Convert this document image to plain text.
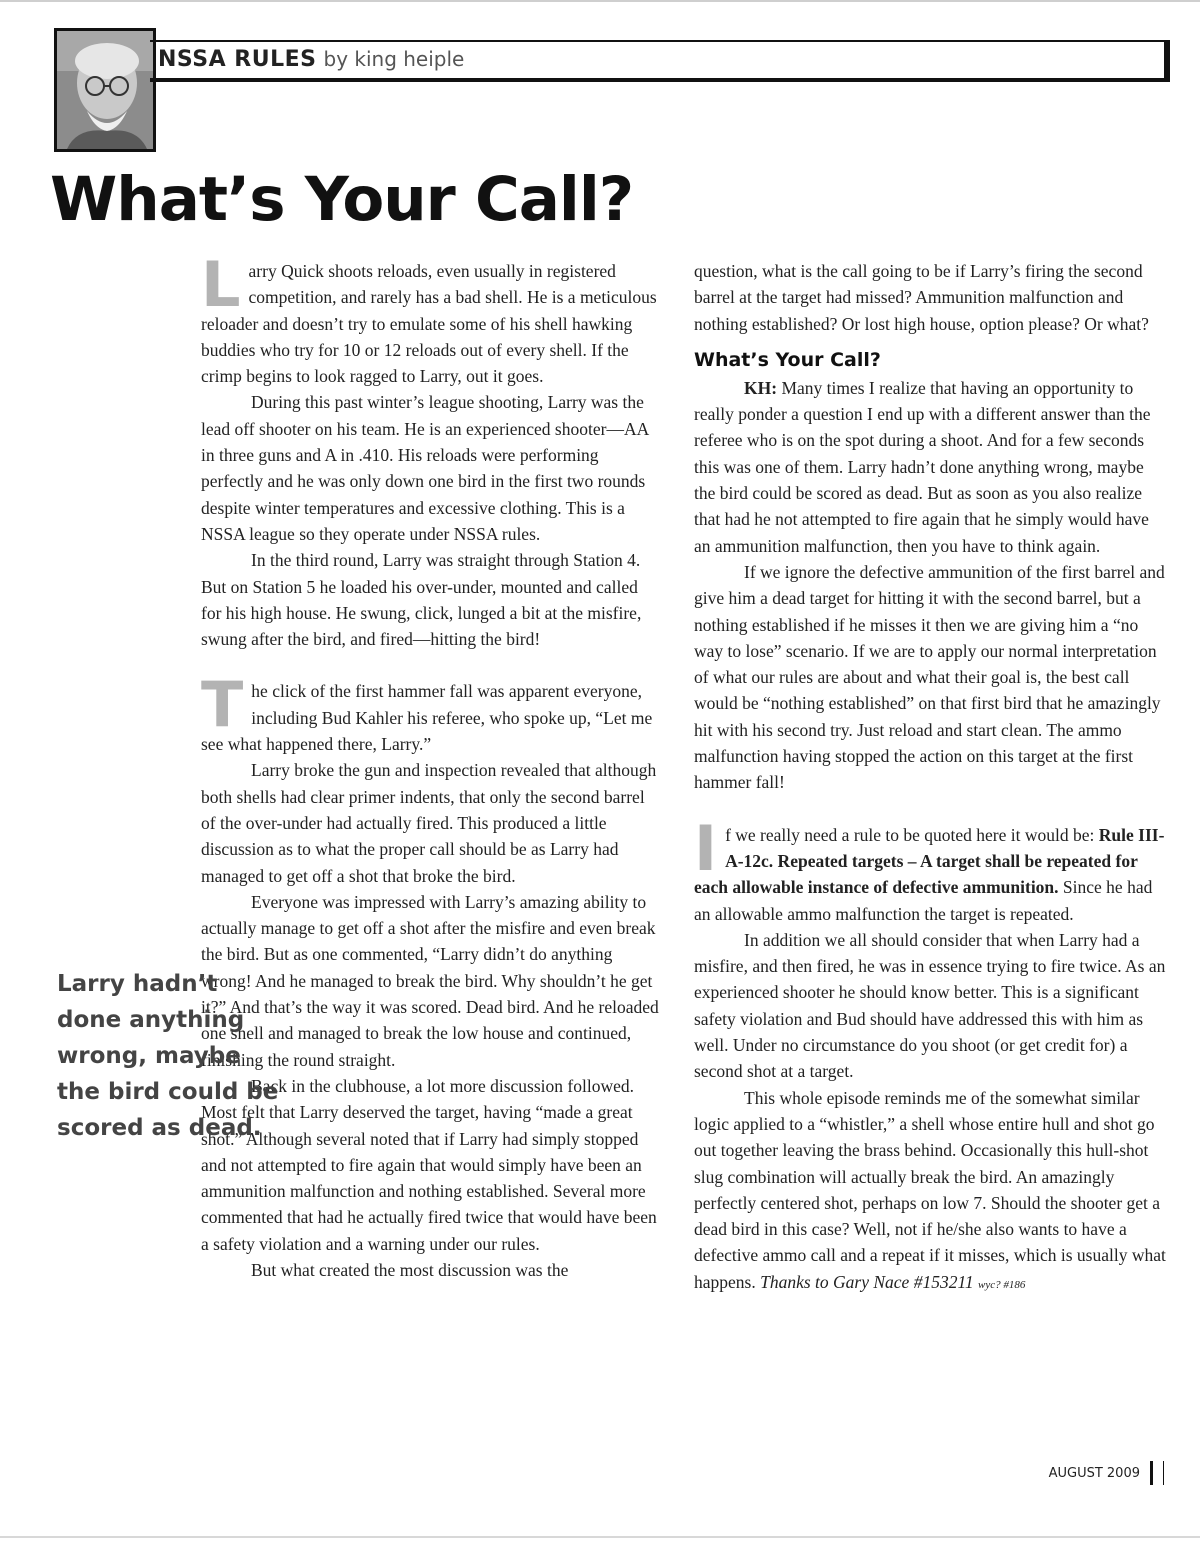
NSSA RULES by king heiple
What’s Your Call?

Larry Quick shoots reloads, even usually in registered competition, and rarely has a bad shell. He is a meticulous reloader and doesn’t try to emulate some of his shell hawking buddies who try for 10 or 12 reloads out of every shell. If the crimp begins to look ragged to Larry, out it goes.

During this past winter’s league shooting, Larry was the lead off shooter on his team. He is an experienced shooter—AA in three guns and A in .410. His reloads were performing perfectly and he was only down one bird in the first two rounds despite winter temperatures and excessive clothing. This is a NSSA league so they operate under NSSA rules.

In the third round, Larry was straight through Station 4. But on Station 5 he loaded his over-under, mounted and called for his high house. He swung, click, lunged a bit at the misfire, swung after the bird, and fired—hitting the bird!

The click of the first hammer fall was apparent everyone, including Bud Kahler his referee, who spoke up, “Let me see what happened there, Larry.”

Larry broke the gun and inspection revealed that although both shells had clear primer indents, that only the second barrel of the over-under had actually fired. This produced a little discussion as to what the proper call should be as Larry had managed to get off a shot that broke the bird.

Everyone was impressed with Larry’s amazing ability to actually manage to get off a shot after the misfire and even break the bird. But as one commented, “Larry didn’t do anything wrong! And he managed to break the bird. Why shouldn’t he get it?” And that’s the way it was scored. Dead bird. And he reloaded one shell and managed to break the low house and continued, finishing the round straight.

Back in the clubhouse, a lot more discussion followed. Most felt that Larry deserved the target, having “made a great shot.” Although several noted that if Larry had simply stopped and not attempted to fire again that would simply have been an ammunition malfunction and nothing established. Several more commented that had he actually fired twice that would have been a safety violation and a warning under our rules.

But what created the most discussion was the

Larry hadn’t done anything wrong, maybe the bird could be scored as dead.

question, what is the call going to be if Larry’s firing the second barrel at the target had missed? Ammunition malfunction and nothing established? Or lost high house, option please? Or what?

What’s Your Call?

KH: Many times I realize that having an opportunity to really ponder a question I end up with a different answer than the referee who is on the spot during a shoot. And for a few seconds this was one of them. Larry hadn’t done anything wrong, maybe the bird could be scored as dead. But as soon as you also realize that had he not attempted to fire again that he simply would have an ammunition malfunction, then you have to think again.

If we ignore the defective ammunition of the first barrel and give him a dead target for hitting it with the second barrel, but a nothing established if he misses it then we are giving him a “no way to lose” scenario. If we are to apply our normal interpretation of what our rules are about and what their goal is, the best call would be “nothing established” on that first bird that he amazingly hit with his second try. Just reload and start clean. The ammo malfunction having stopped the action on this target at the first hammer fall!

If we really need a rule to be quoted here it would be: Rule III-A-12c. Repeated targets – A target shall be repeated for each allowable instance of defective ammunition. Since he had an allowable ammo malfunction the target is repeated.

In addition we all should consider that when Larry had a misfire, and then fired, he was in essence trying to fire twice. As an experienced shooter he should know better. This is a significant safety violation and Bud should have addressed this with him as well. Under no circumstance do you shoot (or get credit for) a second shot at a target.

This whole episode reminds me of the somewhat similar logic applied to a “whistler,” a shell whose entire hull and shot go out together leaving the brass behind. Occasionally this hull-shot slug combination will actually break the bird. An amazingly perfectly centered shot, perhaps on low 7. Should the shooter get a dead bird in this case? Well, not if he/she also wants to have a defective ammo call and a repeat if it misses, which is usually what happens. Thanks to Gary Nace #153211 wyc? #186

AUGUST 2009
